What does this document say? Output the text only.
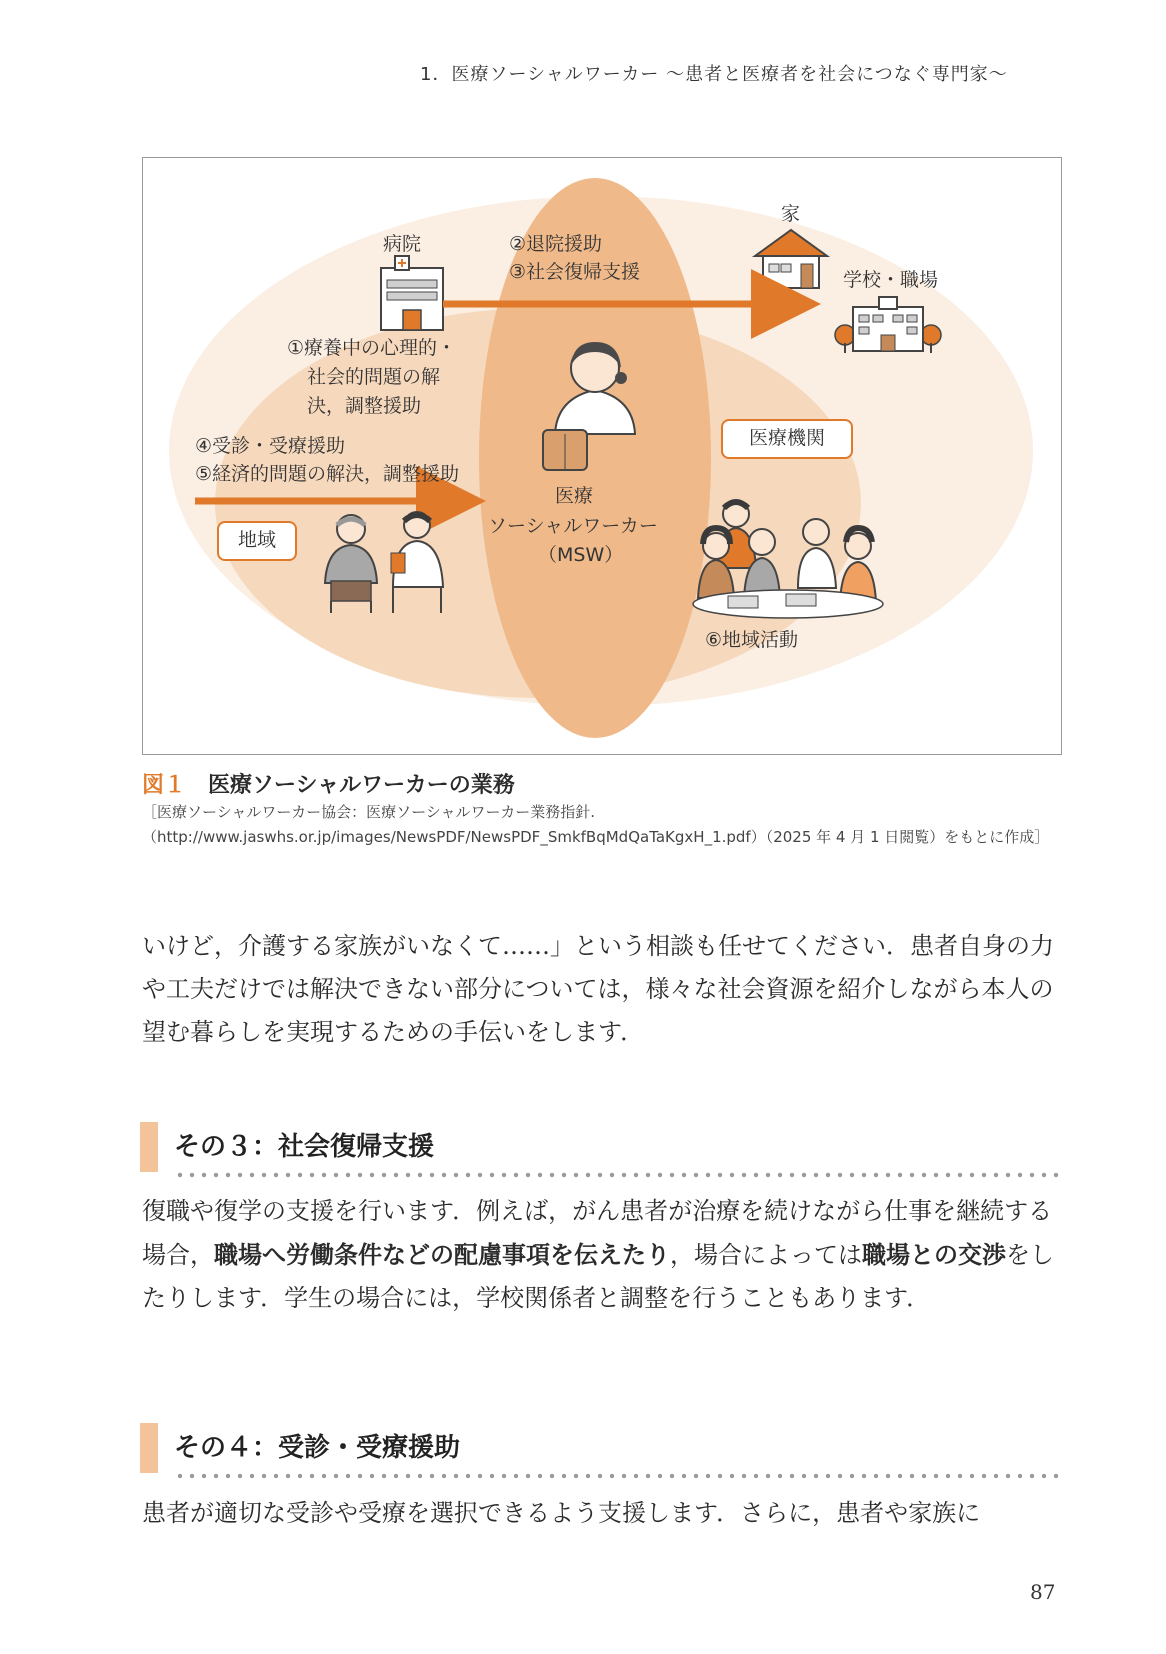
1．医療ソーシャルワーカー 〜患者と医療者を社会につなぐ専門家〜
病院
家
学校・職場
②退院援助
③社会復帰支援
①療養中の心理的・
社会的問題の解
決，調整援助
④受診・受療援助
⑤経済的問題の解決，調整援助
医療機関
地域
医療
ソーシャルワーカー
（MSW）
⑥地域活動
図１ 医療ソーシャルワーカーの業務
［医療ソーシャルワーカー協会：医療ソーシャルワーカー業務指針.（http://www.jaswhs.or.jp/images/NewsPDF/NewsPDF_SmkfBqMdQaTaKgxH_1.pdf）（2025 年 4 月 1 日閲覧）をもとに作成］
いけど，介護する家族がいなくて……」という相談も任せてください．患者自身の力や工夫だけでは解決できない部分については，様々な社会資源を紹介しながら本人の望む暮らしを実現するための手伝いをします．
その３：社会復帰支援
復職や復学の支援を行います．例えば，がん患者が治療を続けながら仕事を継続する場合，職場へ労働条件などの配慮事項を伝えたり，場合によっては職場との交渉をしたりします．学生の場合には，学校関係者と調整を行うこともあります．
その４：受診・受療援助
患者が適切な受診や受療を選択できるよう支援します．さらに，患者や家族に
87
